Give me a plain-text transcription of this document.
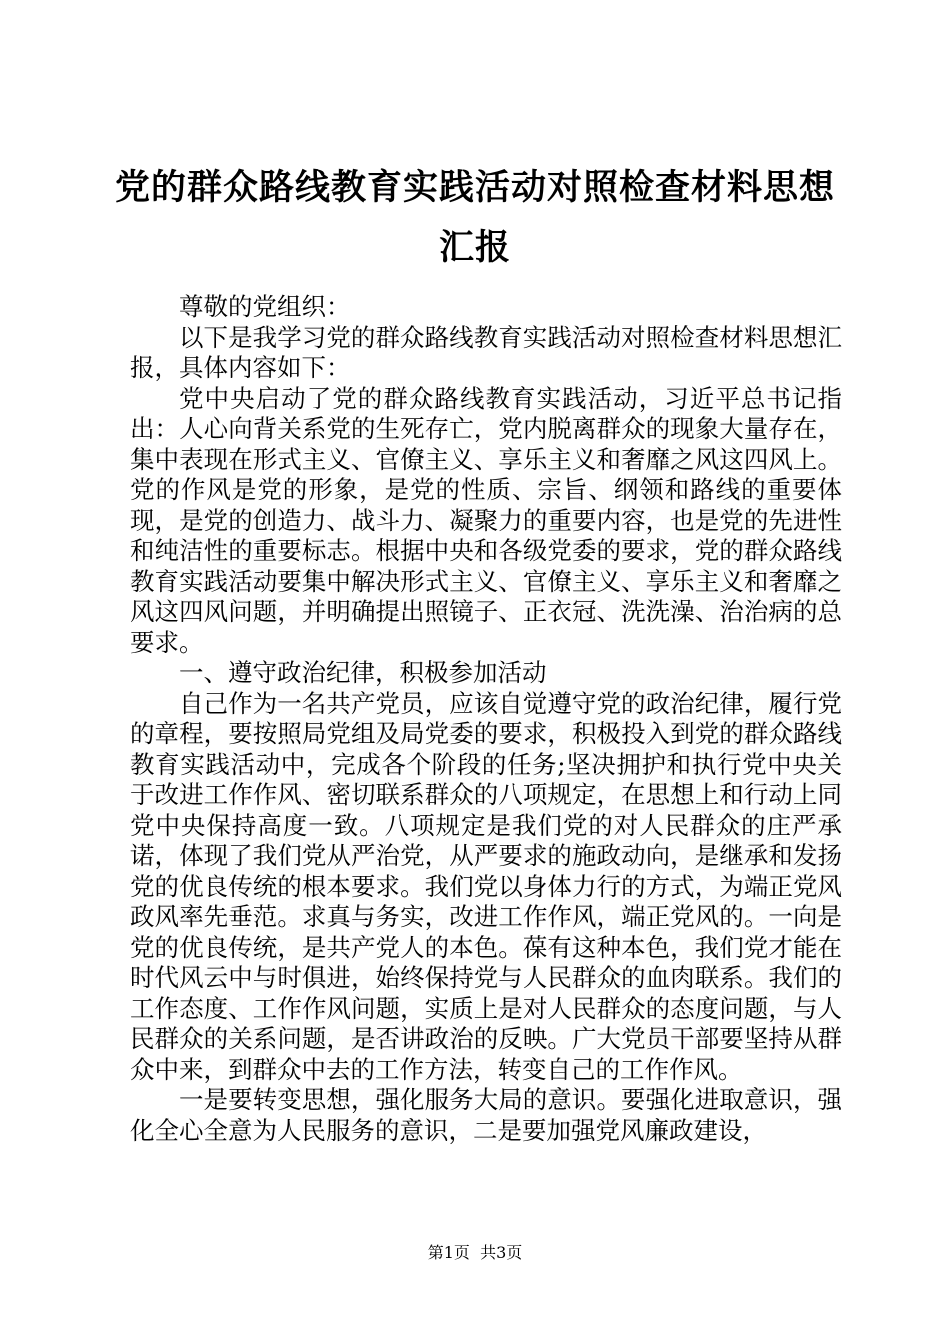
党的群众路线教育实践活动对照检查材料思想汇报

尊敬的党组织：

以下是我学习党的群众路线教育实践活动对照检查材料思想汇报，具体内容如下：

党中央启动了党的群众路线教育实践活动，习近平总书记指出：人心向背关系党的生死存亡，党内脱离群众的现象大量存在，集中表现在形式主义、官僚主义、享乐主义和奢靡之风这四风上。党的作风是党的形象，是党的性质、宗旨、纲领和路线的重要体现，是党的创造力、战斗力、凝聚力的重要内容，也是党的先进性和纯洁性的重要标志。根据中央和各级党委的要求，党的群众路线教育实践活动要集中解决形式主义、官僚主义、享乐主义和奢靡之风这四风问题，并明确提出照镜子、正衣冠、洗洗澡、治治病的总要求。

一、遵守政治纪律，积极参加活动

自己作为一名共产党员，应该自觉遵守党的政治纪律，履行党的章程，要按照局党组及局党委的要求，积极投入到党的群众路线教育实践活动中，完成各个阶段的任务;坚决拥护和执行党中央关于改进工作作风、密切联系群众的八项规定，在思想上和行动上同党中央保持高度一致。八项规定是我们党的对人民群众的庄严承诺，体现了我们党从严治党，从严要求的施政动向，是继承和发扬党的优良传统的根本要求。我们党以身体力行的方式，为端正党风政风率先垂范。求真与务实，改进工作作风，端正党风的。一向是党的优良传统，是共产党人的本色。葆有这种本色，我们党才能在时代风云中与时俱进，始终保持党与人民群众的血肉联系。我们的工作态度、工作作风问题，实质上是对人民群众的态度问题，与人民群众的关系问题，是否讲政治的反映。广大党员干部要坚持从群众中来，到群众中去的工作方法，转变自己的工作作风。

一是要转变思想，强化服务大局的意识。要强化进取意识，强化全心全意为人民服务的意识，二是要加强党风廉政建设，

第1页 共3页
